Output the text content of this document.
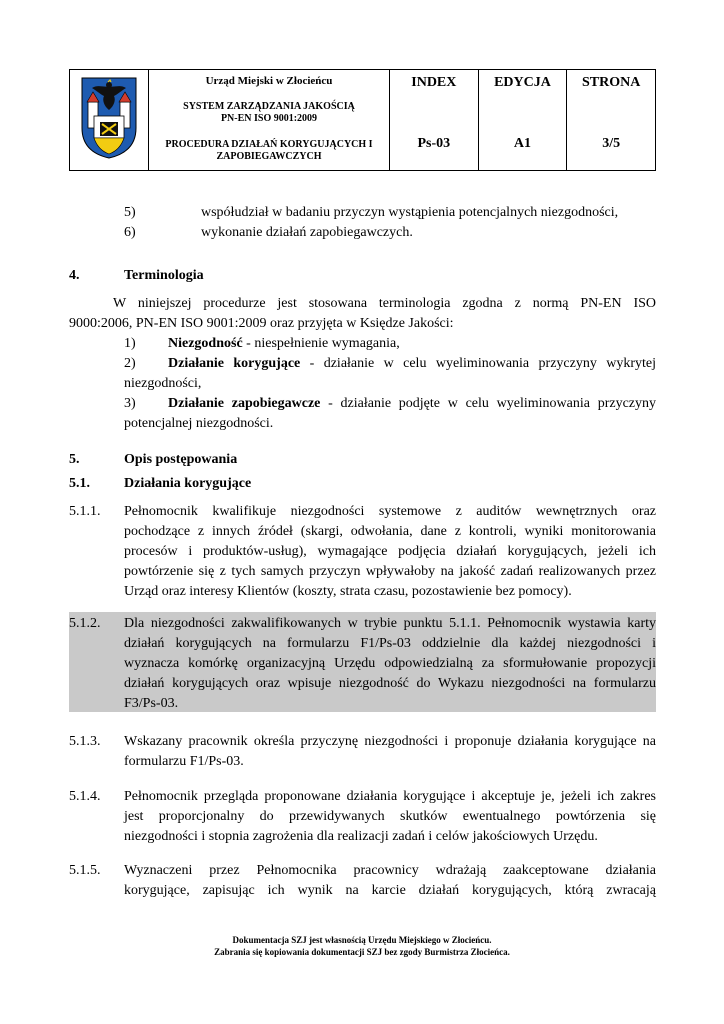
Urząd Miejski w Złocieńcu
SYSTEM ZARZĄDZANIA JAKOŚCIĄ
PN-EN ISO 9001:2009
PROCEDURA DZIAŁAŃ KORYGUJĄCYCH I
ZAPOBIEGAWCZYCH

INDEX
Ps-03

EDYCJA
A1

STRONA
3/5
5)	współudział w badaniu przyczyn wystąpienia potencjalnych niezgodności,
6)	wykonanie działań zapobiegawczych.
4.	Terminologia
W niniejszej procedurze jest stosowana terminologia zgodna z normą PN-EN ISO
9000:2006, PN-EN ISO 9001:2009 oraz przyjęta w Księdze Jakości:
1) Niezgodność - niespełnienie wymagania,
2) Działanie korygujące - działanie w celu wyeliminowania przyczyny wykrytej
niezgodności,
3) Działanie zapobiegawcze - działanie podjęte w celu wyeliminowania przyczyny
potencjalnej niezgodności.
5.	Opis postępowania
5.1. Działania korygujące
5.1.1. Pełnomocnik kwalifikuje niezgodności systemowe z auditów wewnętrznych oraz
pochodzące z innych źródeł (skargi, odwołania, dane z kontroli, wyniki monitorowania
procesów i produktów-usług), wymagające podjęcia działań korygujących, jeżeli ich
powtórzenie się z tych samych przyczyn wpływałoby na jakość zadań realizowanych przez
Urząd oraz interesy Klientów (koszty, strata czasu, pozostawienie bez pomocy).
5.1.2. Dla niezgodności zakwalifikowanych w trybie punktu 5.1.1. Pełnomocnik wystawia karty
działań korygujących na formularzu F1/Ps-03 oddzielnie dla każdej niezgodności i
wyznacza komórkę organizacyjną Urzędu odpowiedzialną za sformułowanie propozycji
działań korygujących oraz wpisuje niezgodność do Wykazu niezgodności na formularzu
F3/Ps-03.
5.1.3. Wskazany pracownik określa przyczynę niezgodności i proponuje działania korygujące na
formularzu F1/Ps-03.
5.1.4. Pełnomocnik przegląda proponowane działania korygujące i akceptuje je, jeżeli ich zakres
jest proporcjonalny do przewidywanych skutków ewentualnego powtórzenia się
niezgodności i stopnia zagrożenia dla realizacji zadań i celów jakościowych Urzędu.
5.1.5. Wyznaczeni przez Pełnomocnika pracownicy wdrażają zaakceptowane działania
korygujące, zapisując ich wynik na karcie działań korygujących, którą zwracają
Dokumentacja SZJ jest własnością Urzędu Miejskiego w Złocieńcu.
Zabrania się kopiowania dokumentacji SZJ bez zgody Burmistrza Złocieńca.
